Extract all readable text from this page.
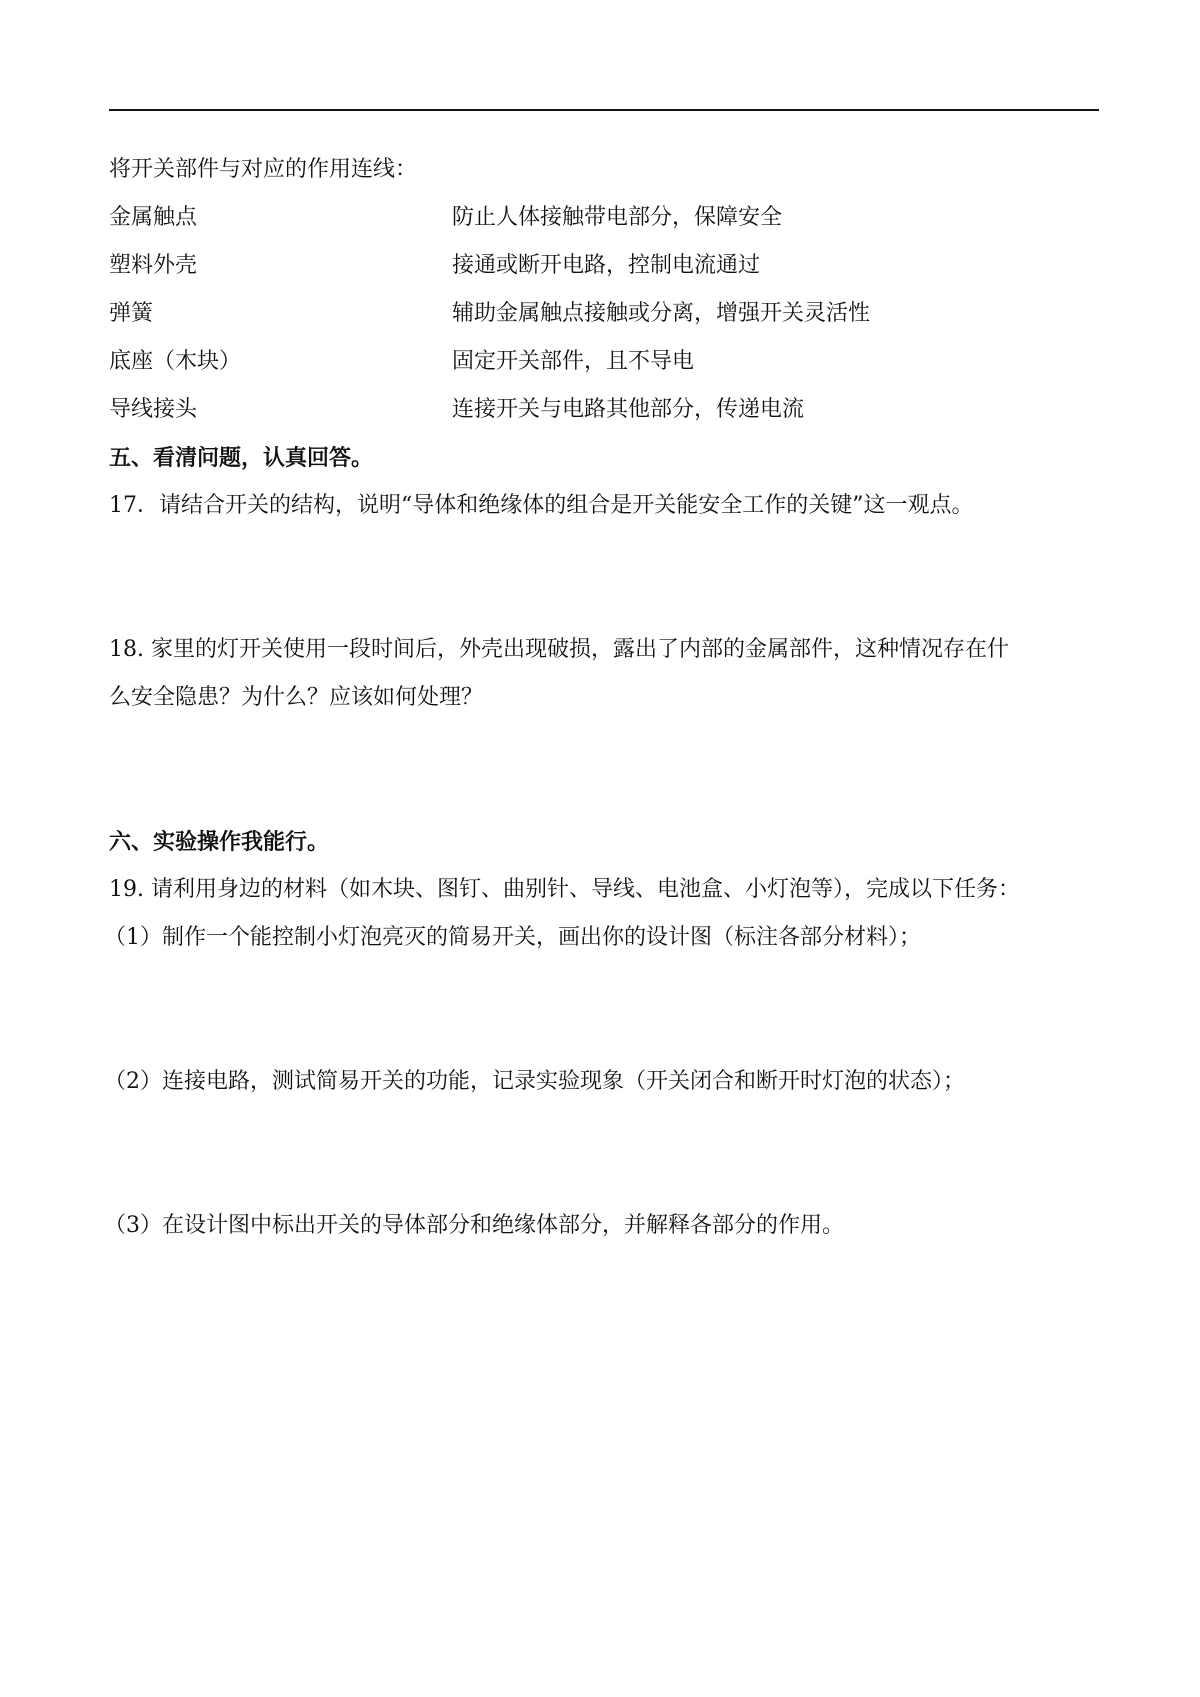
将开关部件与对应的作用连线：
金属触点	防止人体接触带电部分，保障安全
塑料外壳	接通或断开电路，控制电流通过
弹簧	辅助金属触点接触或分离，增强开关灵活性
底座（木块）	固定开关部件，且不导电
导线接头	连接开关与电路其他部分，传递电流
五、看清问题，认真回答。
17．请结合开关的结构，说明“导体和绝缘体的组合是开关能安全工作的关键”这一观点。
18. 家里的灯开关使用一段时间后，外壳出现破损，露出了内部的金属部件，这种情况存在什
么安全隐患？为什么？应该如何处理？
六、实验操作我能行。
19. 请利用身边的材料（如木块、图钉、曲别针、导线、电池盒、小灯泡等），完成以下任务：
（1）制作一个能控制小灯泡亮灭的简易开关，画出你的设计图（标注各部分材料）；
（2）连接电路，测试简易开关的功能，记录实验现象（开关闭合和断开时灯泡的状态）；
（3）在设计图中标出开关的导体部分和绝缘体部分，并解释各部分的作用。
